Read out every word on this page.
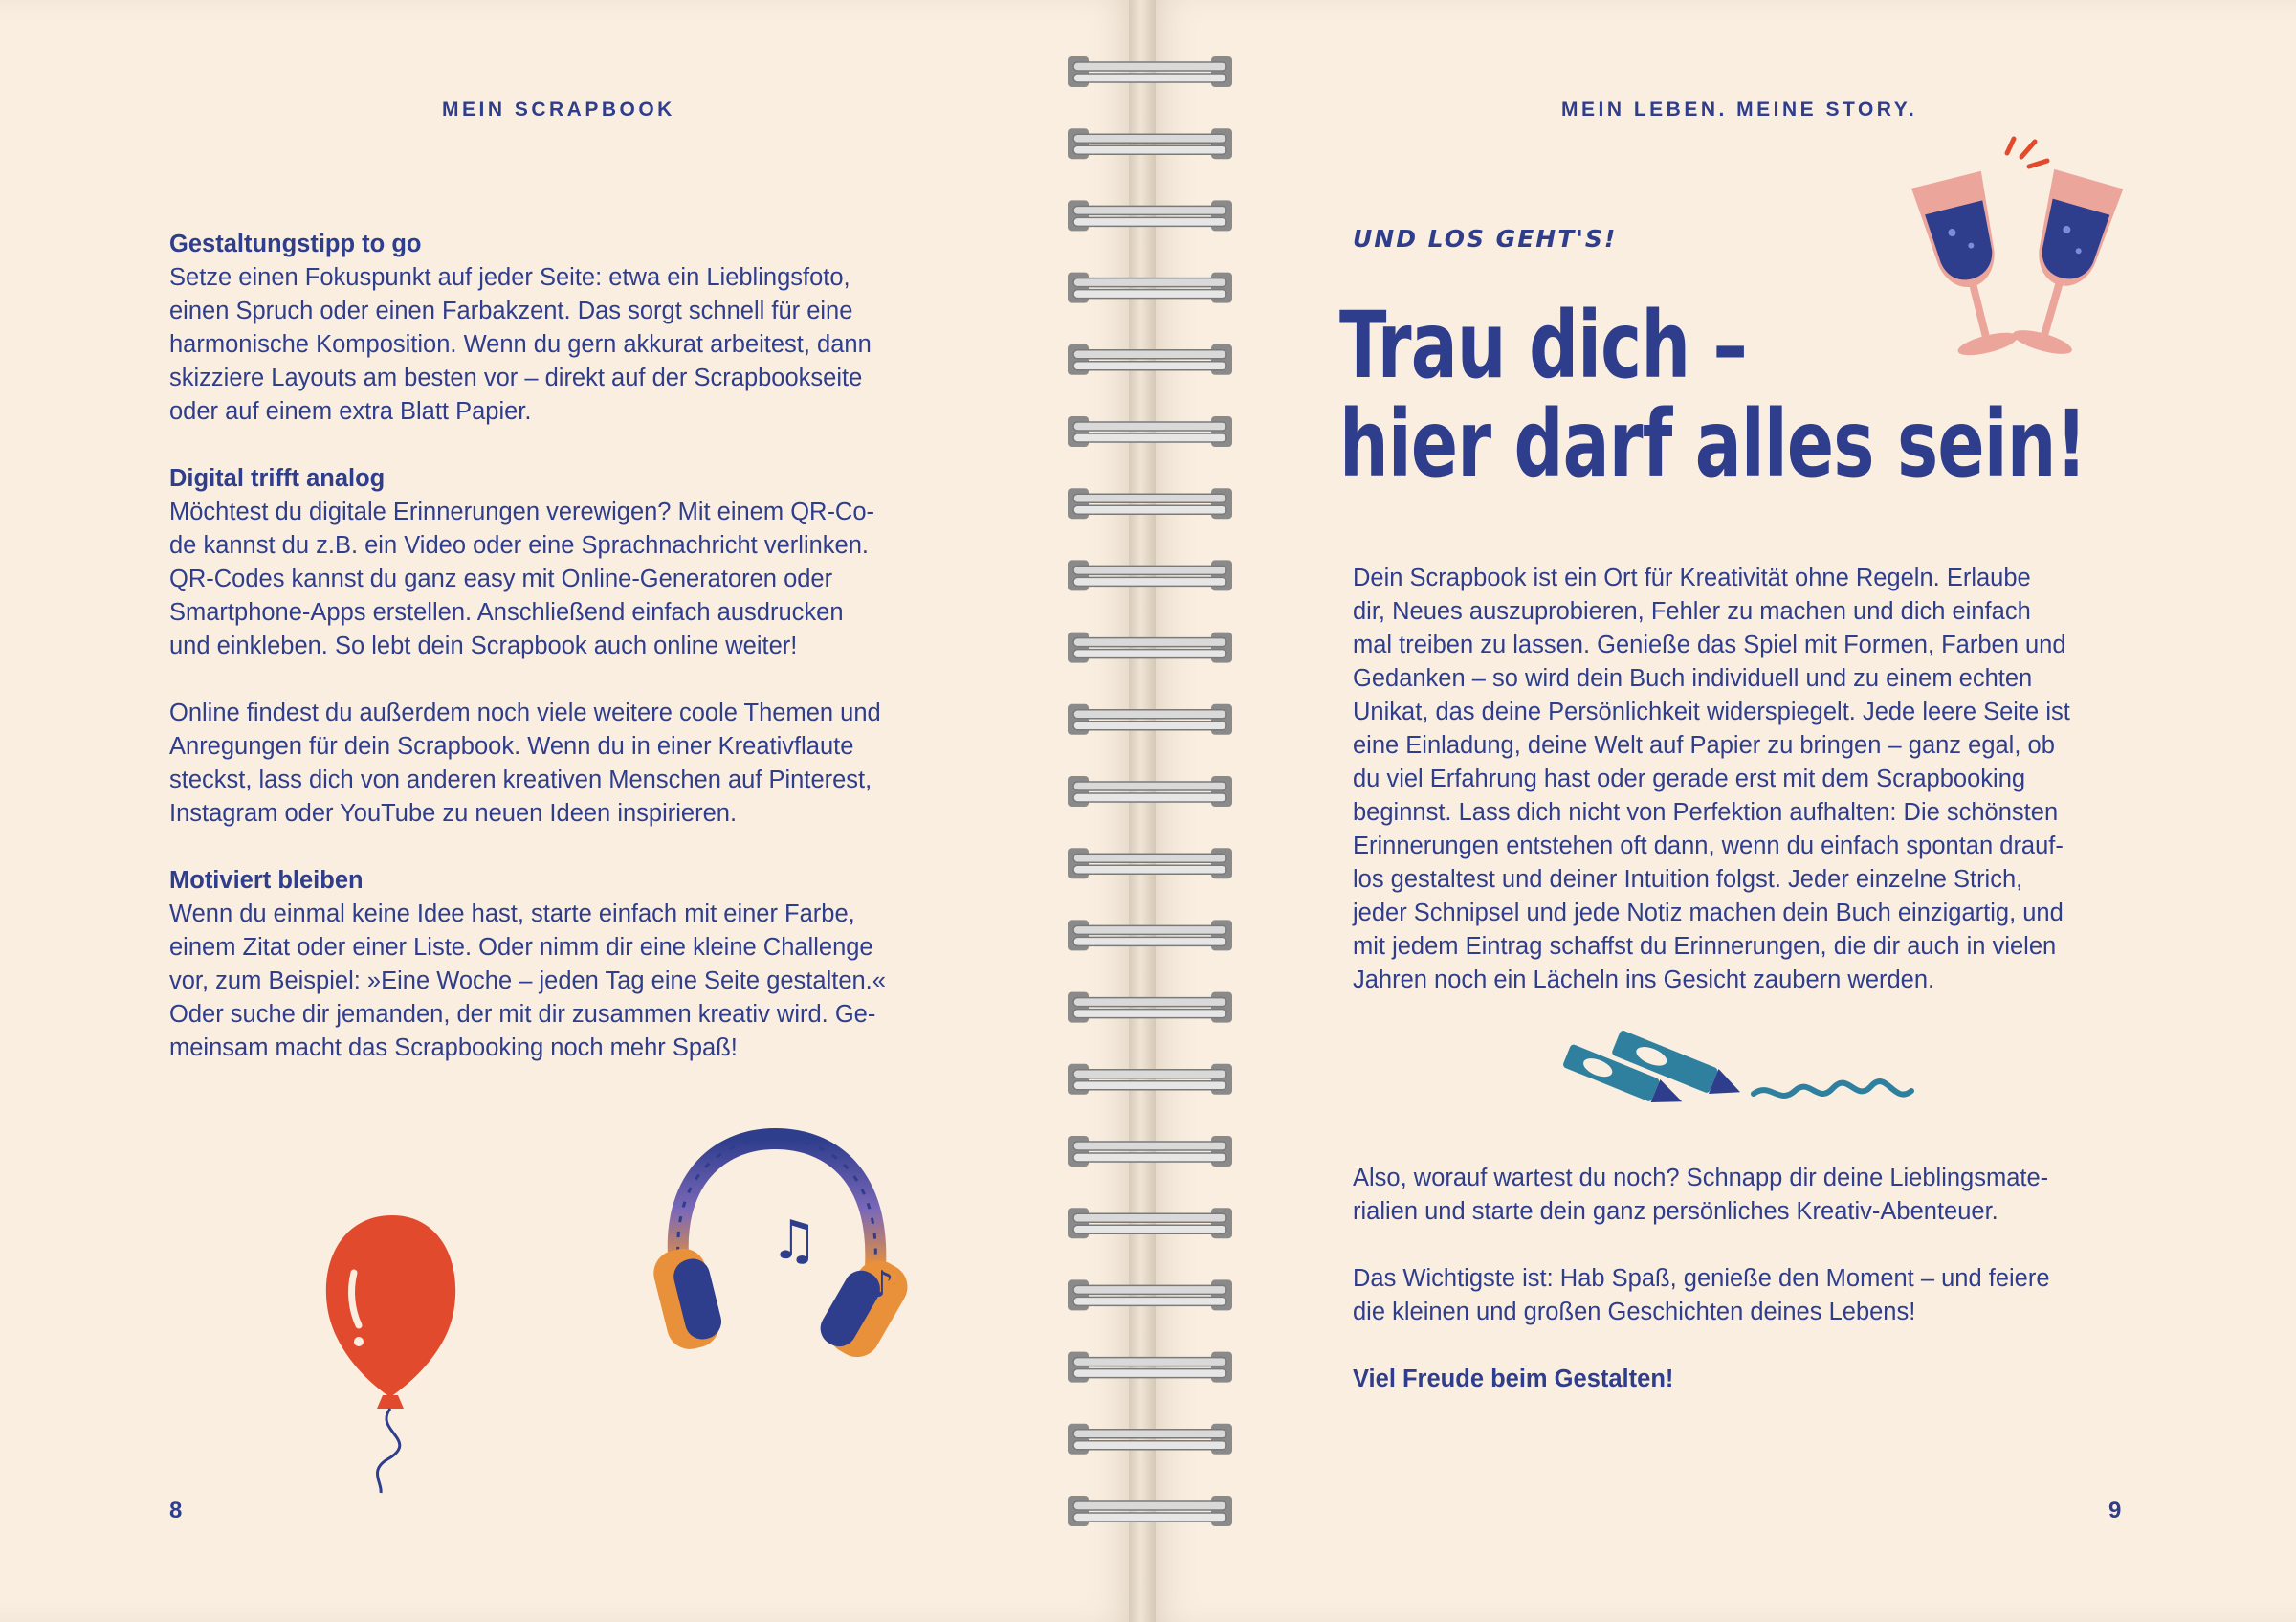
MEIN SCRAPBOOK

Gestaltungstipp to go

Setze einen Fokuspunkt auf jeder Seite: etwa ein Lieblingsfoto,

einen Spruch oder einen Farbakzent. Das sorgt schnell für eine

harmonische Komposition. Wenn du gern akkurat arbeitest, dann

skizziere Layouts am besten vor – direkt auf der Scrapbookseite

oder auf einem extra Blatt Papier.

Digital trifft analog

Möchtest du digitale Erinnerungen verewigen? Mit einem QR-Co-

de kannst du z.B. ein Video oder eine Sprachnachricht verlinken.

QR-Codes kannst du ganz easy mit Online-Generatoren oder

Smartphone-Apps erstellen. Anschließend einfach ausdrucken

und einkleben. So lebt dein Scrapbook auch online weiter!

Online findest du außerdem noch viele weitere coole Themen und

Anregungen für dein Scrapbook. Wenn du in einer Kreativflaute

steckst, lass dich von anderen kreativen Menschen auf Pinterest,

Instagram oder YouTube zu neuen Ideen inspirieren.

Motiviert bleiben

Wenn du einmal keine Idee hast, starte einfach mit einer Farbe,

einem Zitat oder einer Liste. Oder nimm dir eine kleine Challenge

vor, zum Beispiel: »Eine Woche – jeden Tag eine Seite gestalten.«

Oder suche dir jemanden, der mit dir zusammen kreativ wird. Ge-

meinsam macht das Scrapbooking noch mehr Spaß!

♫
♪
8
MEIN LEBEN. MEINE STORY.
UND LOS GEHT'S!
Trau dich –
hier darf alles sein!

Dein Scrapbook ist ein Ort für Kreativität ohne Regeln. Erlaube

dir, Neues auszuprobieren, Fehler zu machen und dich einfach

mal treiben zu lassen. Genieße das Spiel mit Formen, Farben und

Gedanken – so wird dein Buch individuell und zu einem echten

Unikat, das deine Persönlichkeit widerspiegelt. Jede leere Seite ist

eine Einladung, deine Welt auf Papier zu bringen – ganz egal, ob

du viel Erfahrung hast oder gerade erst mit dem Scrapbooking

beginnst. Lass dich nicht von Perfektion aufhalten: Die schönsten

Erinnerungen entstehen oft dann, wenn du einfach spontan drauf-

los gestaltest und deiner Intuition folgst. Jeder einzelne Strich,

jeder Schnipsel und jede Notiz machen dein Buch einzigartig, und

mit jedem Eintrag schaffst du Erinnerungen, die dir auch in vielen

Jahren noch ein Lächeln ins Gesicht zaubern werden.

Also, worauf wartest du noch? Schnapp dir deine Lieblingsmate-

rialien und starte dein ganz persönliches Kreativ-Abenteuer.

Das Wichtigste ist: Hab Spaß, genieße den Moment – und feiere

die kleinen und großen Geschichten deines Lebens!

Viel Freude beim Gestalten!

9
